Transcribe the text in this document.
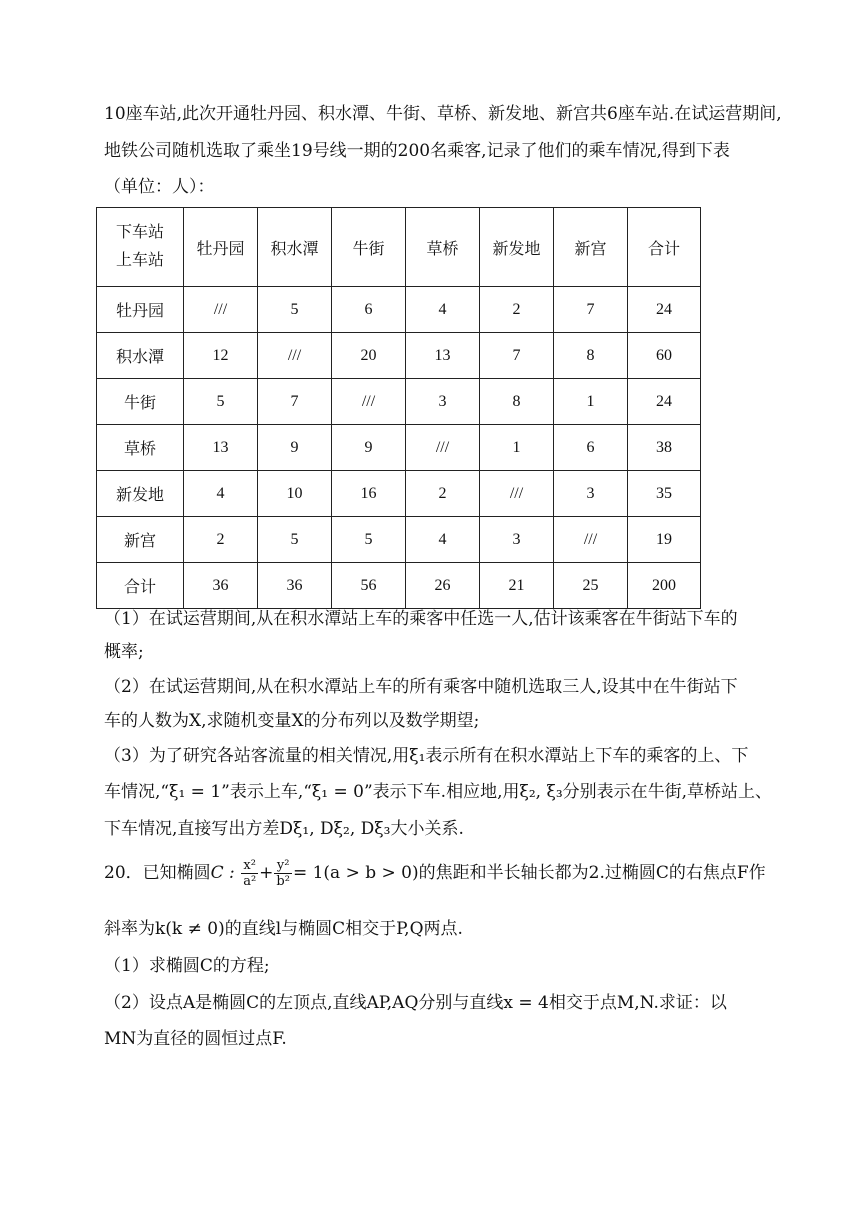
10座车站,此次开通牡丹园、积水潭、牛街、草桥、新发地、新宫共6座车站.在试运营期间,
地铁公司随机选取了乘坐19号线一期的200名乘客,记录了他们的乘车情况,得到下表
（单位：人）：
下车站
上车站	牡丹园	积水潭	牛街	草桥	新发地	新宫	合计
牡丹园	///	5	6	4	2	7	24
积水潭	12	///	20	13	7	8	60
牛街	5	7	///	3	8	1	24
草桥	13	9	9	///	1	6	38
新发地	4	10	16	2	///	3	35
新宫	2	5	5	4	3	///	19
合计	36	36	56	26	21	25	200
（1）在试运营期间,从在积水潭站上车的乘客中任选一人,估计该乘客在牛街站下车的
概率;
（2）在试运营期间,从在积水潭站上车的所有乘客中随机选取三人,设其中在牛街站下
车的人数为X,求随机变量X的分布列以及数学期望;
（3）为了研究各站客流量的相关情况,用ξ₁表示所有在积水潭站上下车的乘客的上、下
车情况,“ξ₁ = 1”表示上车,“ξ₁ = 0”表示下车.相应地,用ξ₂, ξ₃分别表示在牛街,草桥站上、
下车情况,直接写出方差Dξ₁, Dξ₂, Dξ₃大小关系.
20．已知椭圆C : $\frac{\text{x²}}{\text{a²}} + \frac{\text{y²}}{\text{b²}} = 1(a > b > 0)$的焦距和半长轴长都为2.过椭圆C的右焦点F作
斜率为k(k ≠ 0)的直线l与椭圆C相交于P,Q两点.
（1）求椭圆C的方程;
（2）设点A是椭圆C的左顶点,直线AP,AQ分别与直线x = 4相交于点M,N.求证：以
MN为直径的圆恒过点F.
